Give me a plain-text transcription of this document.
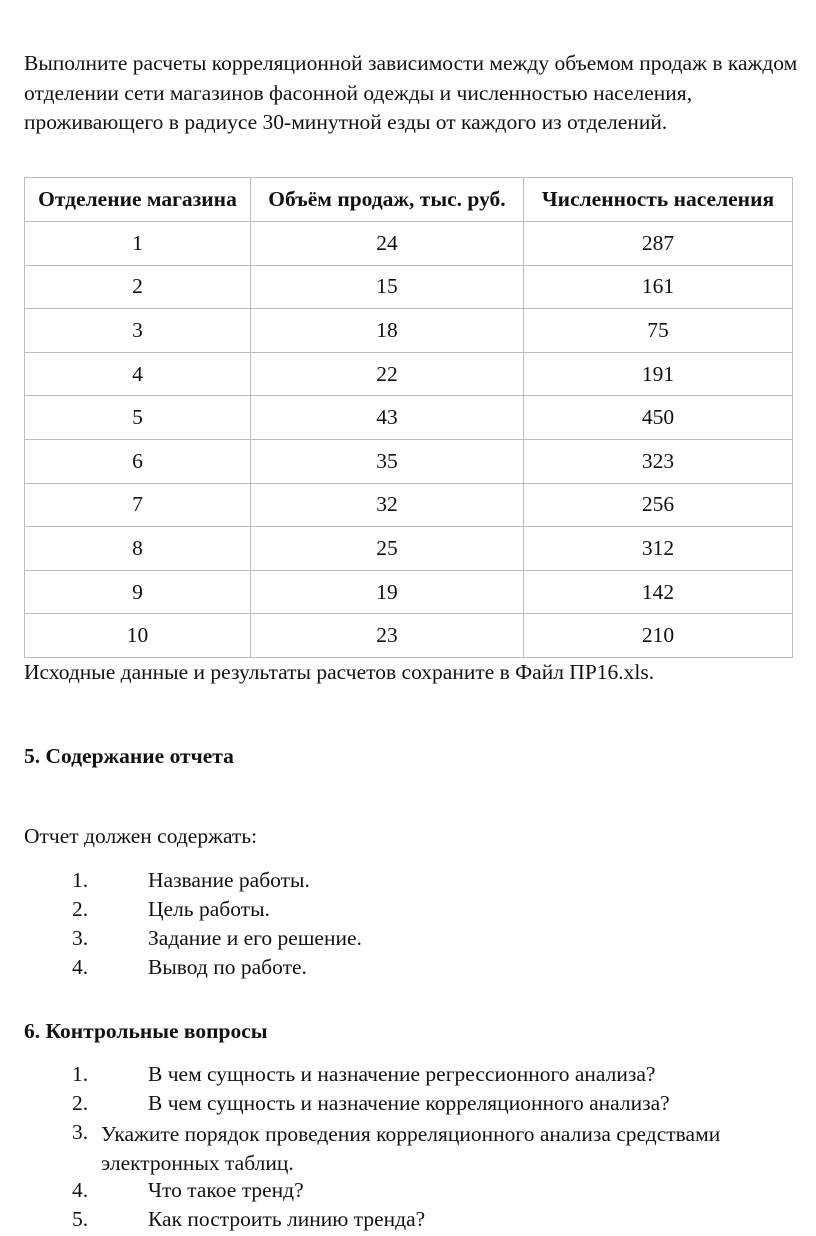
Выполните расчеты корреляционной зависимости между объемом продаж в каждом отделении сети магазинов фасонной одежды и численностью населения, проживающего в радиусе 30-минутной езды от каждого из отделений.

Отделение магазина	Объём продаж, тыс. руб.	Численность населения
1	24	287
2	15	161
3	18	75
4	22	191
5	43	450
6	35	323
7	32	256
8	25	312
9	19	142
10	23	210

Исходные данные и результаты расчетов сохраните в Файл ПР16.xls.

5. Содержание отчета

Отчет должен содержать:

1.	Название работы.
2.	Цель работы.
3.	Задание и его решение.
4.	Вывод по работе.
6. Контрольные вопросы
1.	В чем сущность и назначение регрессионного анализа?
2.	В чем сущность и назначение корреляционного анализа?
3. Укажите порядок проведения корреляционного анализа средствами электронных таблиц.
4.	Что такое тренд?
5.	Как построить линию тренда?
